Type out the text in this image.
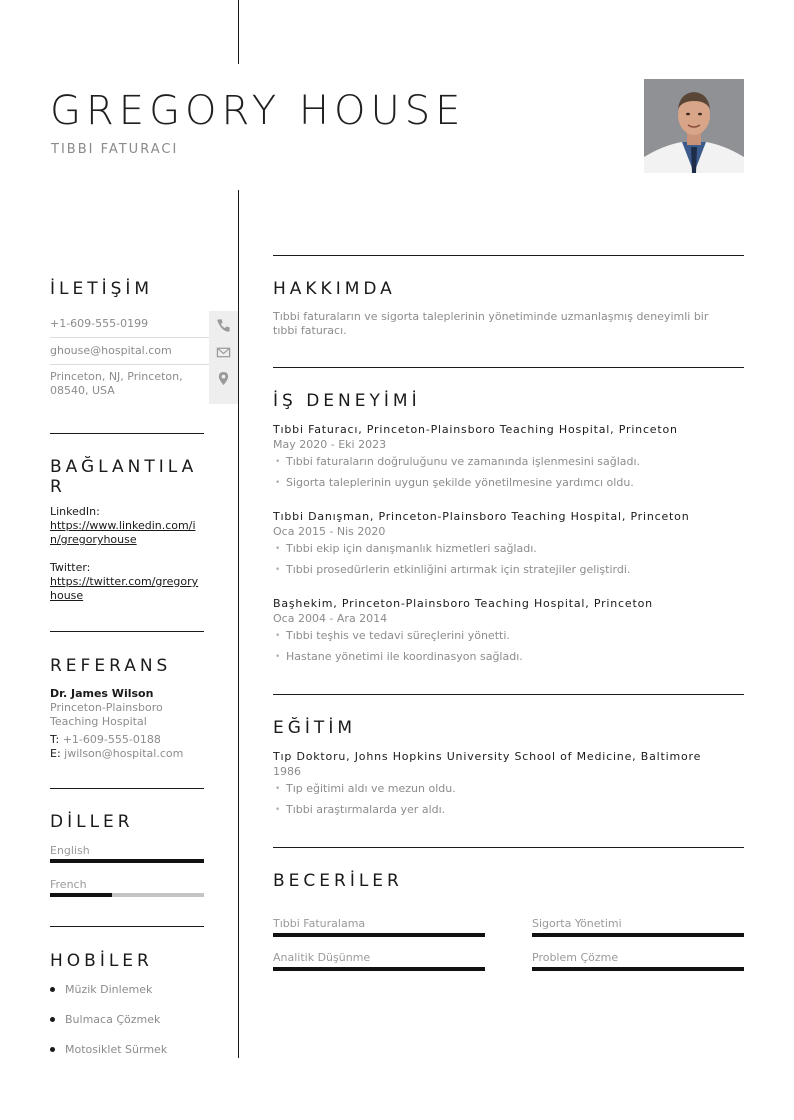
GREGORY HOUSE
TIBBI FATURACI
İLETİŞİM
+1-609-555-0199
ghouse@hospital.com
Princeton, NJ, Princeton, 08540, USA
BAĞLANTILAR
LinkedIn:
https://www.linkedin.com/in/gregoryhouse
Twitter:
https://twitter.com/gregoryhouse
REFERANS
Dr. James Wilson
Princeton-Plainsboro Teaching Hospital
T: +1-609-555-0188
E: jwilson@hospital.com
DİLLER
English
French
HOBİLER
Müzik Dinlemek
Bulmaca Çözmek
Motosiklet Sürmek
HAKKIMDA
Tıbbi faturaların ve sigorta taleplerinin yönetiminde uzmanlaşmış deneyimli bir tıbbi faturacı.
İŞ DENEYİMİ
Tıbbi Faturacı, Princeton-Plainsboro Teaching Hospital, Princeton
May 2020 - Eki 2023
• Tıbbi faturaların doğruluğunu ve zamanında işlenmesini sağladı.
• Sigorta taleplerinin uygun şekilde yönetilmesine yardımcı oldu.
Tıbbi Danışman, Princeton-Plainsboro Teaching Hospital, Princeton
Oca 2015 - Nis 2020
• Tıbbi ekip için danışmanlık hizmetleri sağladı.
• Tıbbi prosedürlerin etkinliğini artırmak için stratejiler geliştirdi.
Başhekim, Princeton-Plainsboro Teaching Hospital, Princeton
Oca 2004 - Ara 2014
• Tıbbi teşhis ve tedavi süreçlerini yönetti.
• Hastane yönetimi ile koordinasyon sağladı.
EĞİTİM
Tıp Doktoru, Johns Hopkins University School of Medicine, Baltimore
1986
• Tıp eğitimi aldı ve mezun oldu.
• Tıbbi araştırmalarda yer aldı.
BECERİLER
Tıbbi Faturalama	Sigorta Yönetimi
Analitik Düşünme	Problem Çözme
